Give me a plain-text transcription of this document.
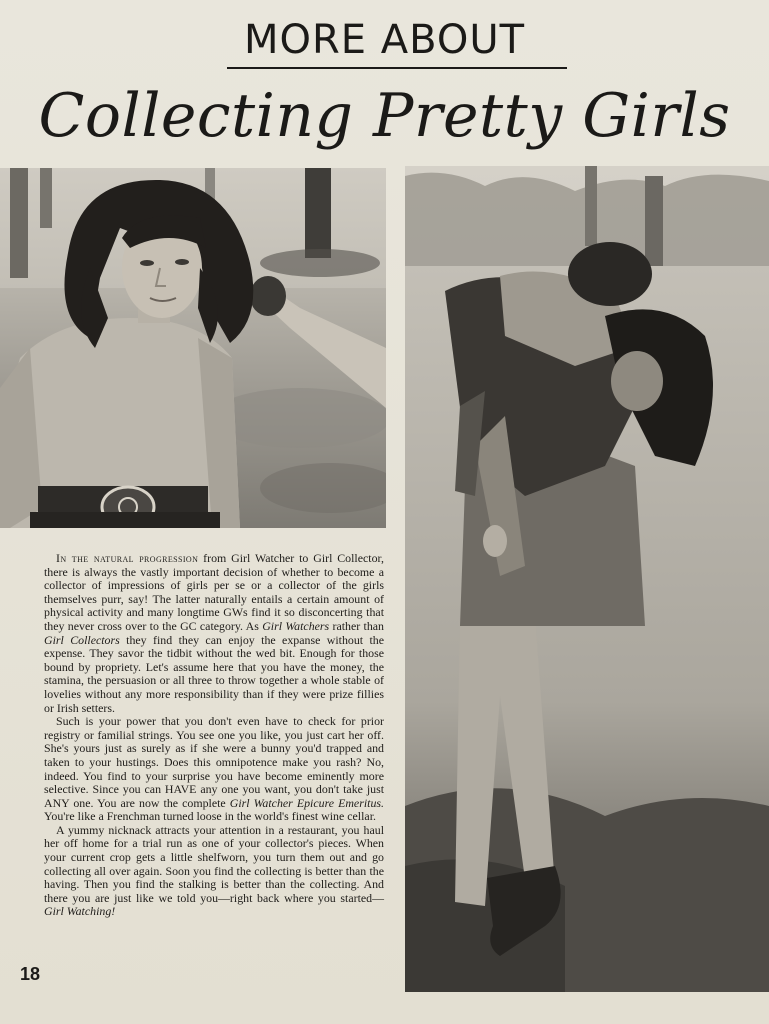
MORE ABOUT
Collecting Pretty Girls

In the natural progression from Girl Watcher to Girl Collector, there is always the vastly important decision of whether to become a collector of impressions of girls per se or a collector of the girls themselves purr, say! The latter naturally entails a certain amount of physical activity and many longtime GWs find it so disconcerting that they never cross over to the GC category. As Girl Watchers rather than Girl Collectors they find they can enjoy the expanse without the expense. They savor the tidbit without the wed bit. Enough for those bound by propriety. Let's assume here that you have the money, the stamina, the persuasion or all three to throw together a whole stable of lovelies without any more responsibility than if they were prize fillies or Irish setters.

Such is your power that you don't even have to check for prior registry or familial strings. You see one you like, you just cart her off. She's yours just as surely as if she were a bunny you'd trapped and taken to your hustings. Does this omnipotence make you rash? No, indeed. You find to your surprise you have become eminently more selective. Since you can HAVE any one you want, you don't take just ANY one. You are now the complete Girl Watcher Epicure Emeritus. You're like a Frenchman turned loose in the world's finest wine cellar.

A yummy nicknack attracts your attention in a restaurant, you haul her off home for a trial run as one of your collector's pieces. When your current crop gets a little shelfworn, you turn them out and go collecting all over again. Soon you find the collecting is better than the having. Then you find the stalking is better than the collecting. And there you are just like we told you—right back where you started—Girl Watching!

18
